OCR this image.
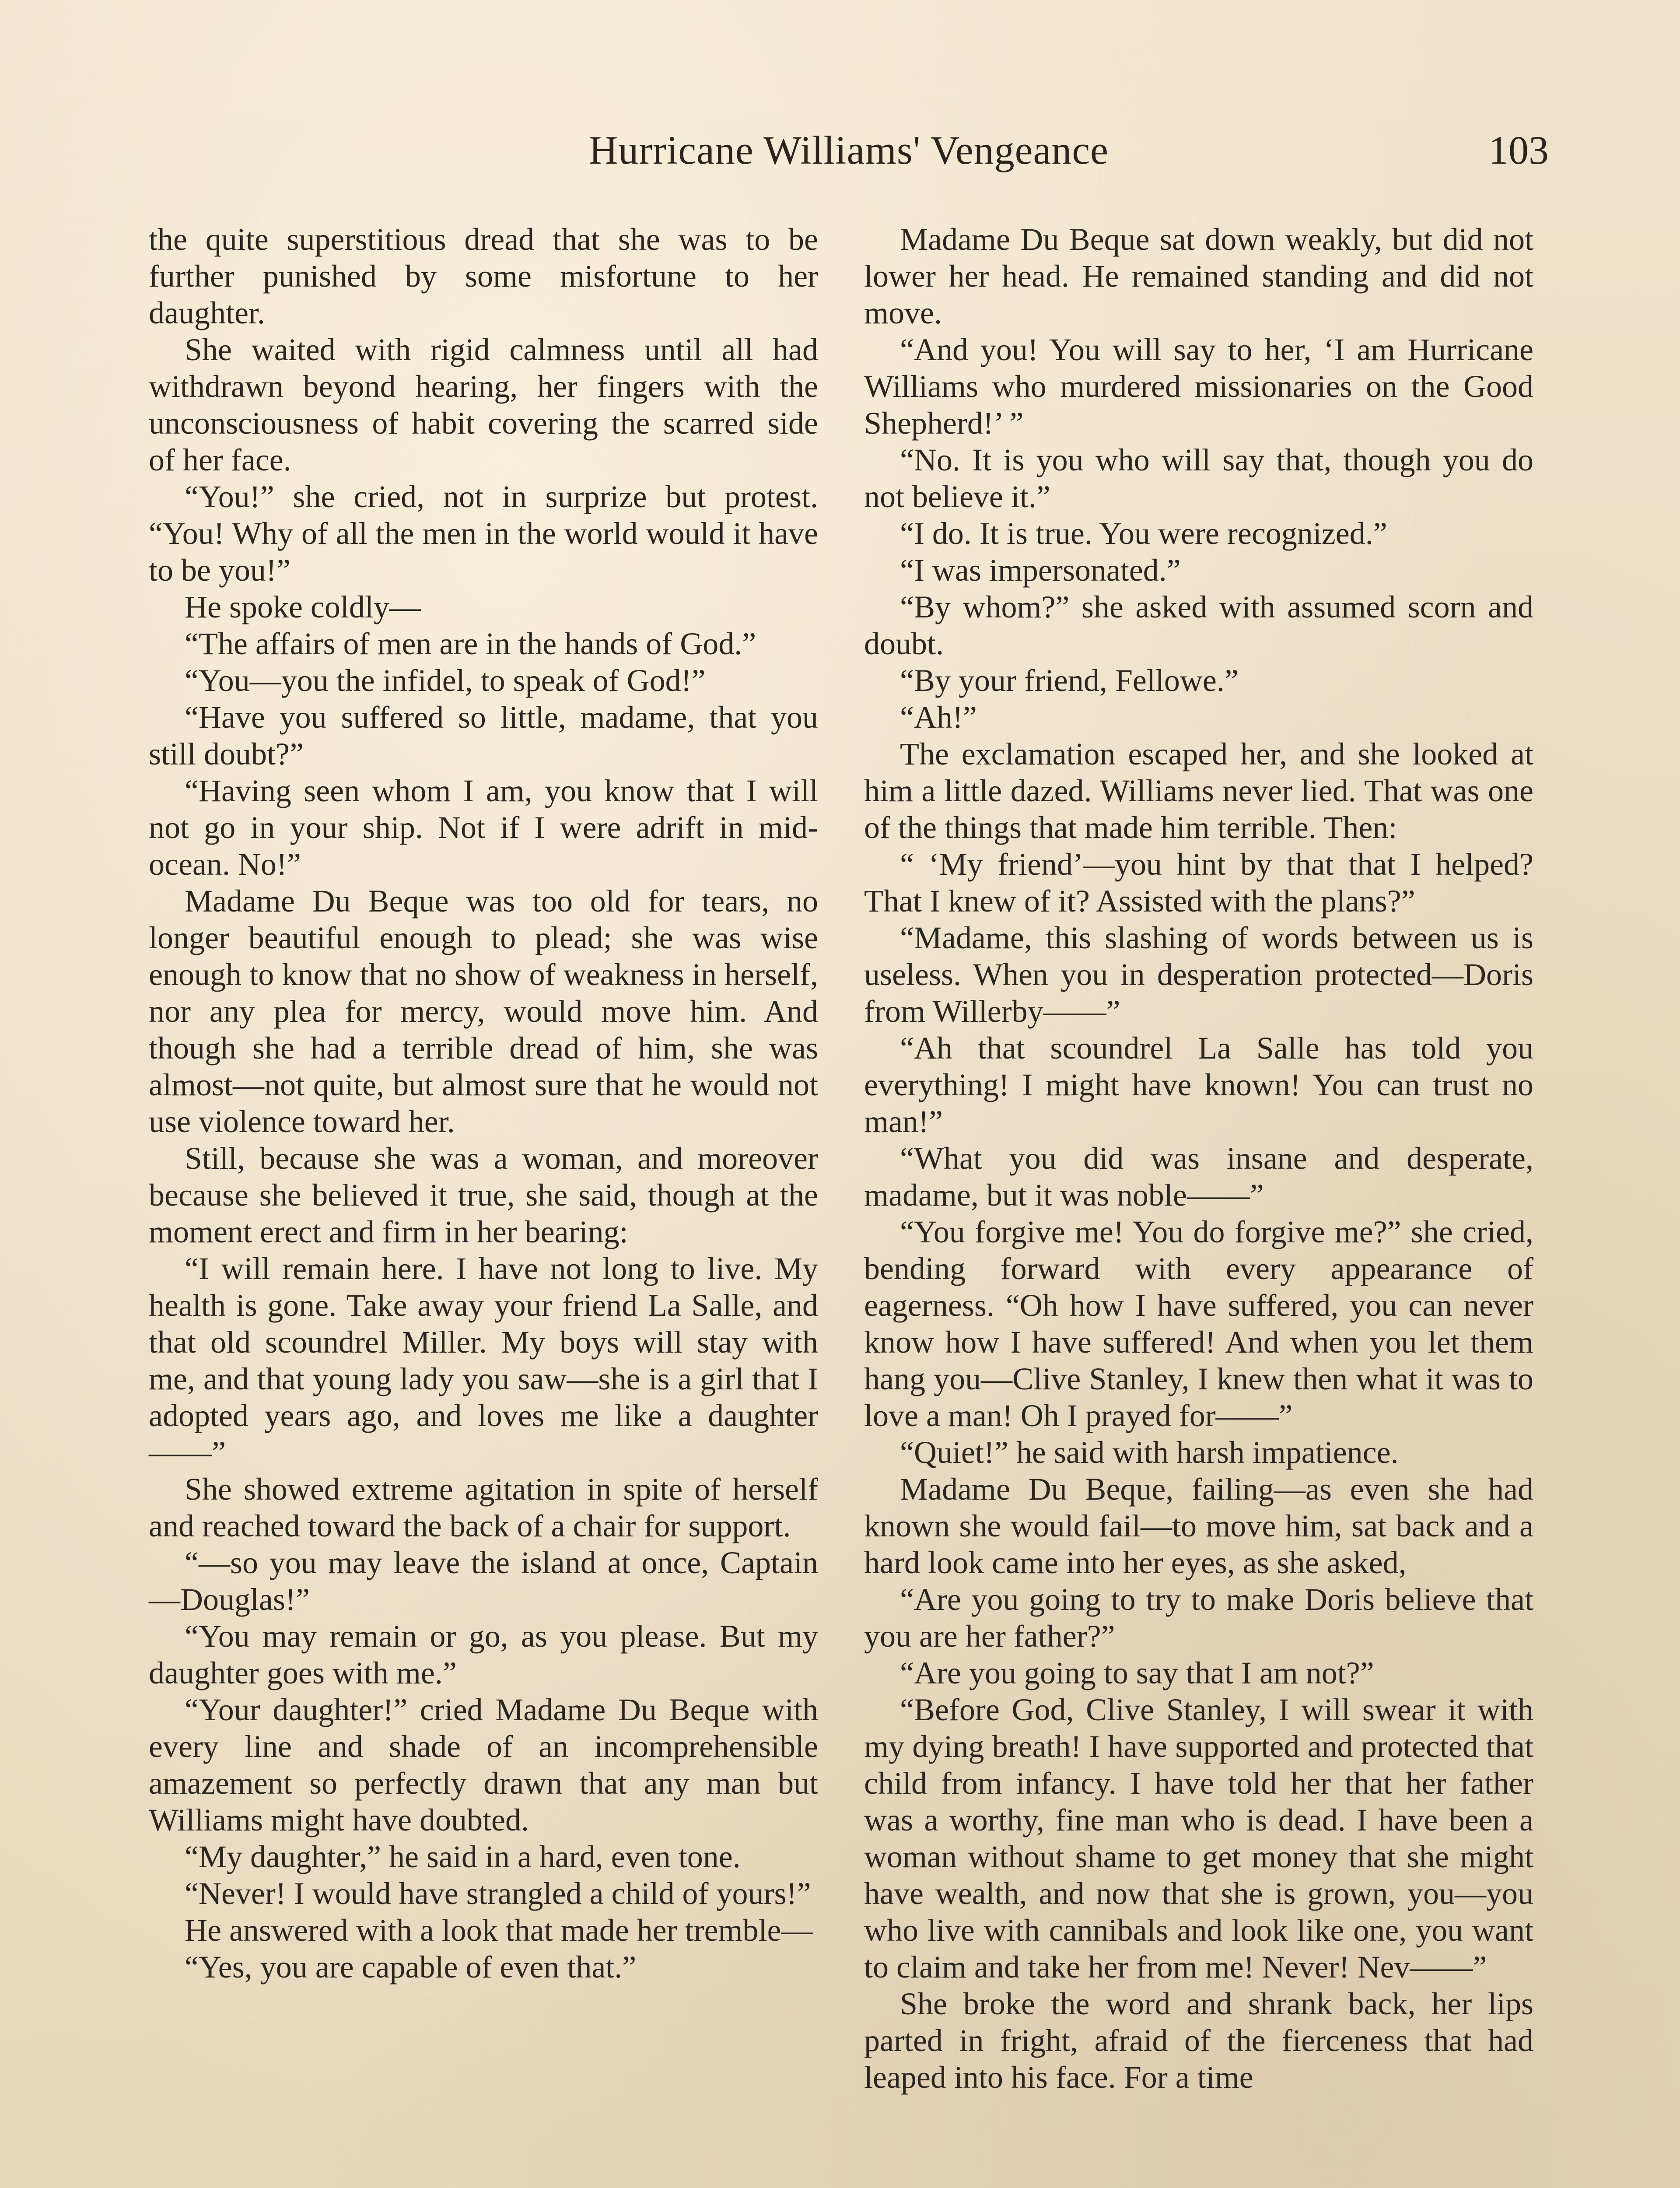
Hurricane Williams' Vengeance	103

the quite superstitious dread that she was to be further punished by some misfortune to her daughter.

She waited with rigid calmness until all had withdrawn beyond hearing, her fingers with the unconsciousness of habit covering the scarred side of her face.

“You!” she cried, not in surprize but protest. “You! Why of all the men in the world would it have to be you!”

He spoke coldly—

“The affairs of men are in the hands of God.”

“You—you the infidel, to speak of God!”

“Have you suffered so little, madame, that you still doubt?”

“Having seen whom I am, you know that I will not go in your ship. Not if I were adrift in mid-ocean. No!”

Madame Du Beque was too old for tears, no longer beautiful enough to plead; she was wise enough to know that no show of weakness in herself, nor any plea for mercy, would move him. And though she had a terrible dread of him, she was almost—not quite, but almost sure that he would not use violence toward her.

Still, because she was a woman, and moreover because she believed it true, she said, though at the moment erect and firm in her bearing:

“I will remain here. I have not long to live. My health is gone. Take away your friend La Salle, and that old scoundrel Miller. My boys will stay with me, and that young lady you saw—she is a girl that I adopted years ago, and loves me like a daughter——”

She showed extreme agitation in spite of herself and reached toward the back of a chair for support.

“—so you may leave the island at once, Captain—Douglas!”

“You may remain or go, as you please. But my daughter goes with me.”

“Your daughter!” cried Madame Du Beque with every line and shade of an incomprehensible amazement so perfectly drawn that any man but Williams might have doubted.

“My daughter,” he said in a hard, even tone.

“Never! I would have strangled a child of yours!”

He answered with a look that made her tremble—

“Yes, you are capable of even that.”

Madame Du Beque sat down weakly, but did not lower her head. He remained standing and did not move.

“And you! You will say to her, ‘I am Hurricane Williams who murdered missionaries on the Good Shepherd!’ ”

“No. It is you who will say that, though you do not believe it.”

“I do. It is true. You were recognized.”

“I was impersonated.”

“By whom?” she asked with assumed scorn and doubt.

“By your friend, Fellowe.”

“Ah!”

The exclamation escaped her, and she looked at him a little dazed. Williams never lied. That was one of the things that made him terrible. Then:

“ ‘My friend’—you hint by that that I helped? That I knew of it? Assisted with the plans?”

“Madame, this slashing of words between us is useless. When you in desperation protected—Doris from Willerby——”

“Ah that scoundrel La Salle has told you everything! I might have known! You can trust no man!”

“What you did was insane and desperate, madame, but it was noble——”

“You forgive me! You do forgive me?” she cried, bending forward with every appearance of eagerness. “Oh how I have suffered, you can never know how I have suffered! And when you let them hang you—Clive Stanley, I knew then what it was to love a man! Oh I prayed for——”

“Quiet!” he said with harsh impatience.

Madame Du Beque, failing—as even she had known she would fail—to move him, sat back and a hard look came into her eyes, as she asked,

“Are you going to try to make Doris believe that you are her father?”

“Are you going to say that I am not?”

“Before God, Clive Stanley, I will swear it with my dying breath! I have supported and protected that child from infancy. I have told her that her father was a worthy, fine man who is dead. I have been a woman without shame to get money that she might have wealth, and now that she is grown, you—you who live with cannibals and look like one, you want to claim and take her from me! Never! Nev——”

She broke the word and shrank back, her lips parted in fright, afraid of the fierceness that had leaped into his face. For a time
